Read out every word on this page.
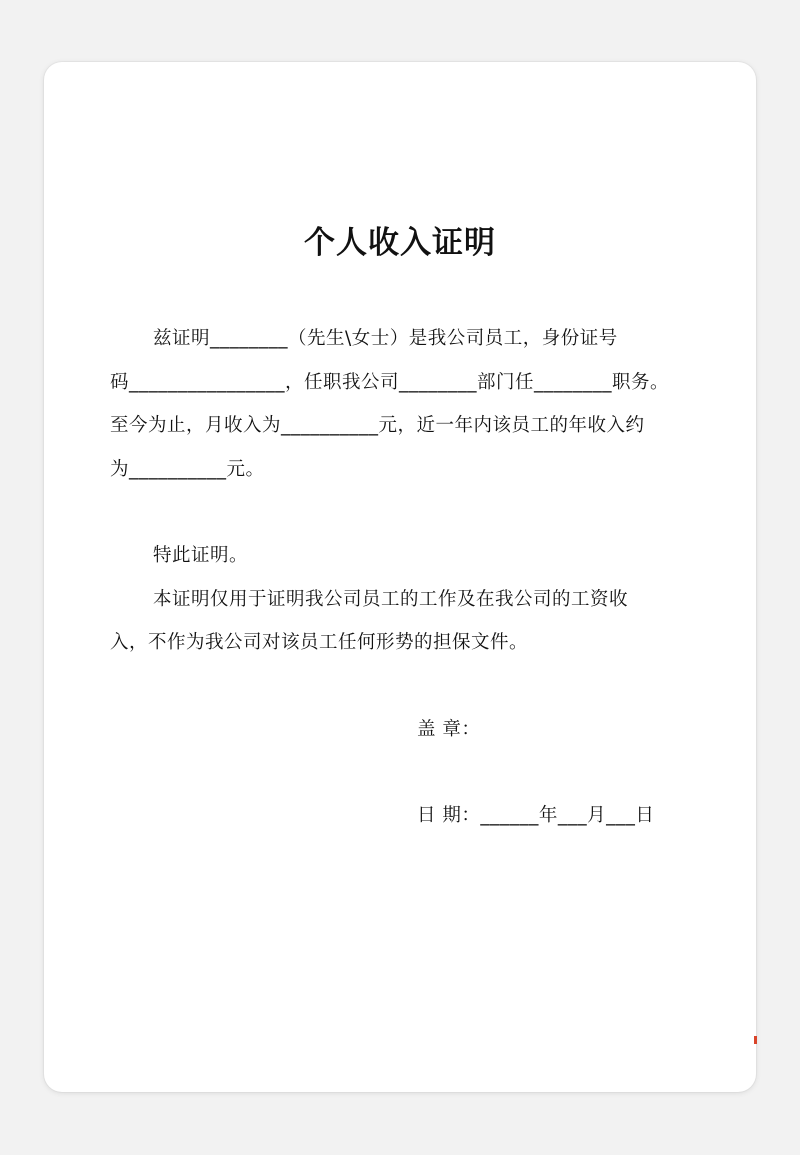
个人收入证明
兹证明________（先生\女士）是我公司员工，身份证号
码________________，任职我公司________部门任________职务。
至今为止，月收入为__________元，近一年内该员工的年收入约
为__________元。
特此证明。
本证明仅用于证明我公司员工的工作及在我公司的工资收
入，不作为我公司对该员工任何形势的担保文件。
盖 章：
日 期：______年___月___日
